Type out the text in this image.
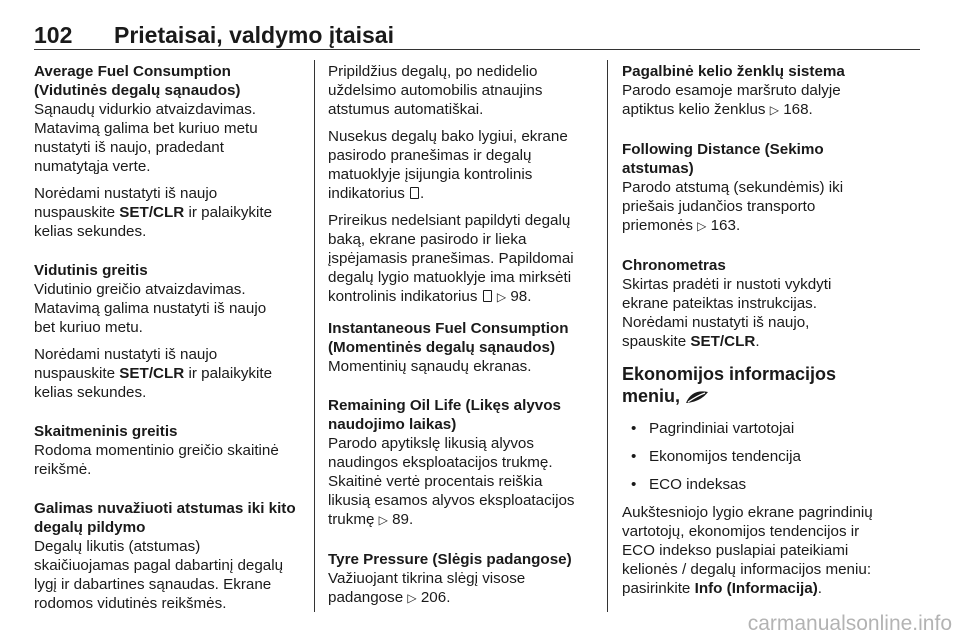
102 Prietaisai, valdymo įtaisai
Average Fuel Consumption
(Vidutinės degalų sąnaudos)

Sąnaudų vidurkio atvaizdavimas.
Matavimą galima bet kuriuo metu
nustatyti iš naujo, pradedant
numatytąja verte.

Norėdami nustatyti iš naujo
nuspauskite SET/CLR ir palaikykite
kelias sekundes.

Vidutinis greitis

Vidutinio greičio atvaizdavimas.
Matavimą galima nustatyti iš naujo
bet kuriuo metu.

Norėdami nustatyti iš naujo
nuspauskite SET/CLR ir palaikykite
kelias sekundes.

Skaitmeninis greitis

Rodoma momentinio greičio skaitinė
reikšmė.

Galimas nuvažiuoti atstumas iki kito
degalų pildymo

Degalų likutis (atstumas)
skaičiuojamas pagal dabartinį degalų
lygį ir dabartines sąnaudas. Ekrane
rodomos vidutinės reikšmės.

Pripildžius degalų, po nedidelio
uždelsimo automobilis atnaujins
atstumus automatiškai.

Nusekus degalų bako lygiui, ekrane
pasirodo pranešimas ir degalų
matuoklyje įsijungia kontrolinis
indikatorius .

Prireikus nedelsiant papildyti degalų
baką, ekrane pasirodo ir lieka
įspėjamasis pranešimas. Papildomai
degalų lygio matuoklyje ima mirksėti
kontrolinis indikatorius  ▷ 98.

Instantaneous Fuel Consumption
(Momentinės degalų sąnaudos)

Momentinių sąnaudų ekranas.

Remaining Oil Life (Likęs alyvos
naudojimo laikas)

Parodo apytikslę likusią alyvos
naudingos eksploatacijos trukmę.
Skaitinė vertė procentais reiškia
likusią esamos alyvos eksploatacijos
trukmę ▷ 89.

Tyre Pressure (Slėgis padangose)

Važiuojant tikrina slėgį visose
padangose ▷ 206.

Pagalbinė kelio ženklų sistema

Parodo esamoje maršruto dalyje
aptiktus kelio ženklus ▷ 168.

Following Distance (Sekimo
atstumas)

Parodo atstumą (sekundėmis) iki
priešais judančios transporto
priemonės ▷ 163.

Chronometras

Skirtas pradėti ir nustoti vykdyti
ekrane pateiktas instrukcijas.
Norėdami nustatyti iš naujo,
spauskite SET/CLR.

Ekonomijos informacijos
meniu,
• Pagrindiniai vartotojai
• Ekonomijos tendencija
• ECO indeksas

Aukštesniojo lygio ekrane pagrindinių
vartotojų, ekonomijos tendencijos ir
ECO indekso puslapiai pateikiami
kelionės / degalų informacijos meniu:
pasirinkite Info (Informacija).

carmanualsonline.info
